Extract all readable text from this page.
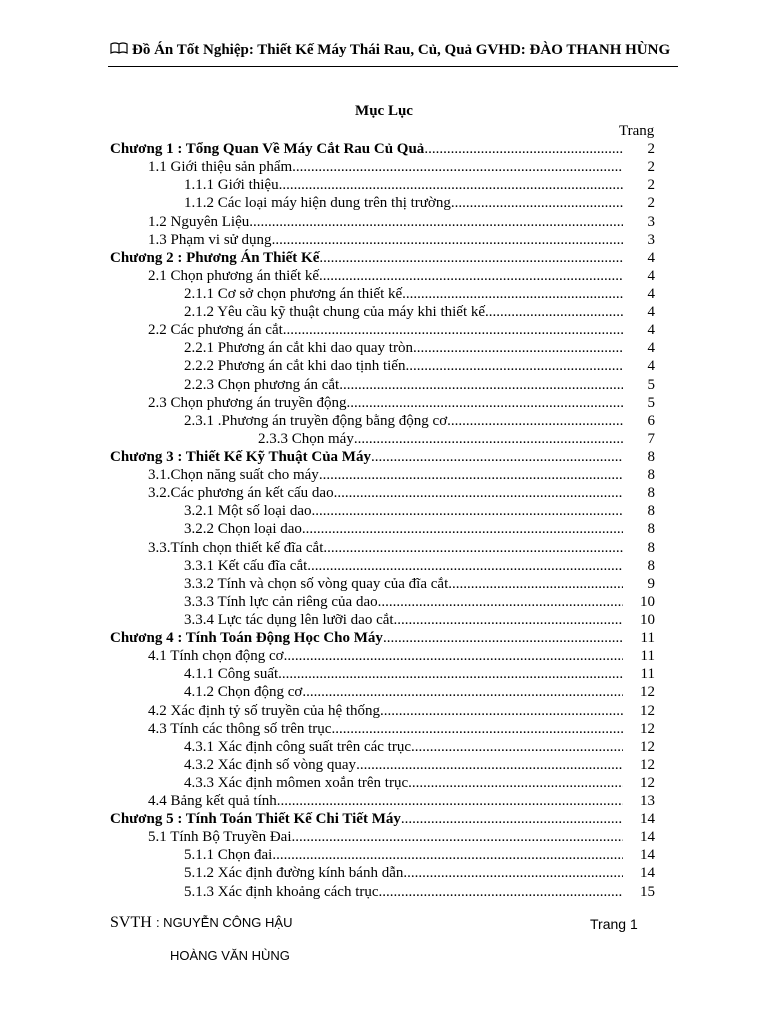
Đồ Án Tốt Nghiệp: Thiết Kế Máy Thái Rau, Củ, Quả GVHD: ĐÀO THANH HÙNG
Mục Lục
Trang
Chương 1 : Tổng Quan Về Máy Cắt Rau Củ Quả .....	2
1.1 Giới thiệu sản phẩm .....	2
1.1.1 Giới thiệu .....	2
1.1.2 Các loại máy hiện dung trên thị trường .....	2
1.2 Nguyên Liệu .....	3
1.3 Phạm vi sử dụng .....	3
Chương 2 : Phương Án Thiết Kế .....	4
2.1 Chọn phương án thiết kế .....	4
2.1.1 Cơ sở chọn phương án thiết kế .....	4
2.1.2 Yêu cầu kỹ thuật chung của máy khi thiết kế .....	4
2.2 Các phương án cắt .....	4
2.2.1 Phương án cắt khi dao quay tròn .....	4
2.2.2 Phương án cắt khi dao tịnh tiến .....	4
2.2.3 Chọn phương án cắt .....	5
2.3 Chọn phương án truyền động .....	5
2.3.1 .Phương án truyền động bằng động cơ .....	6
2.3.3 Chọn máy .....	7
Chương 3 : Thiết Kế Kỹ Thuật Của Máy .....	8
3.1.Chọn năng suất cho máy .....	8
3.2.Các phương án kết cấu dao .....	8
3.2.1 Một số loại dao .....	8
3.2.2 Chọn loại dao .....	8
3.3.Tính chọn thiết kế đĩa cắt .....	8
3.3.1 Kết cấu đĩa cắt .....	8
3.3.2 Tính và chọn số vòng quay của đĩa cắt .....	9
3.3.3 Tính lực cản riêng của dao .....	10
3.3.4 Lực tác dụng lên lưỡi dao cắt .....	10
Chương 4 : Tính Toán Động Học Cho Máy .....	11
4.1 Tính chọn động cơ .....	11
4.1.1 Công suất .....	11
4.1.2 Chọn động cơ .....	12
4.2 Xác định tỷ số truyền của hệ thống .....	12
4.3 Tính các thông số trên trục .....	12
4.3.1 Xác định công suất trên các trục .....	12
4.3.2 Xác định số vòng quay .....	12
4.3.3 Xác định mômen xoắn trên trục .....	12
4.4 Bảng kết quả tính .....	13
Chương 5 : Tính Toán Thiết Kế Chi Tiết Máy .....	14
5.1 Tính Bộ Truyền Đai .....	14
5.1.1 Chọn đai .....	14
5.1.2 Xác định đường kính bánh dẫn .....	14
5.1.3 Xác định khoảng cách trục .....	15
SVTH : NGUYỄN CÔNG HẬU	Trang 1
HOÀNG VĂN HÙNG
